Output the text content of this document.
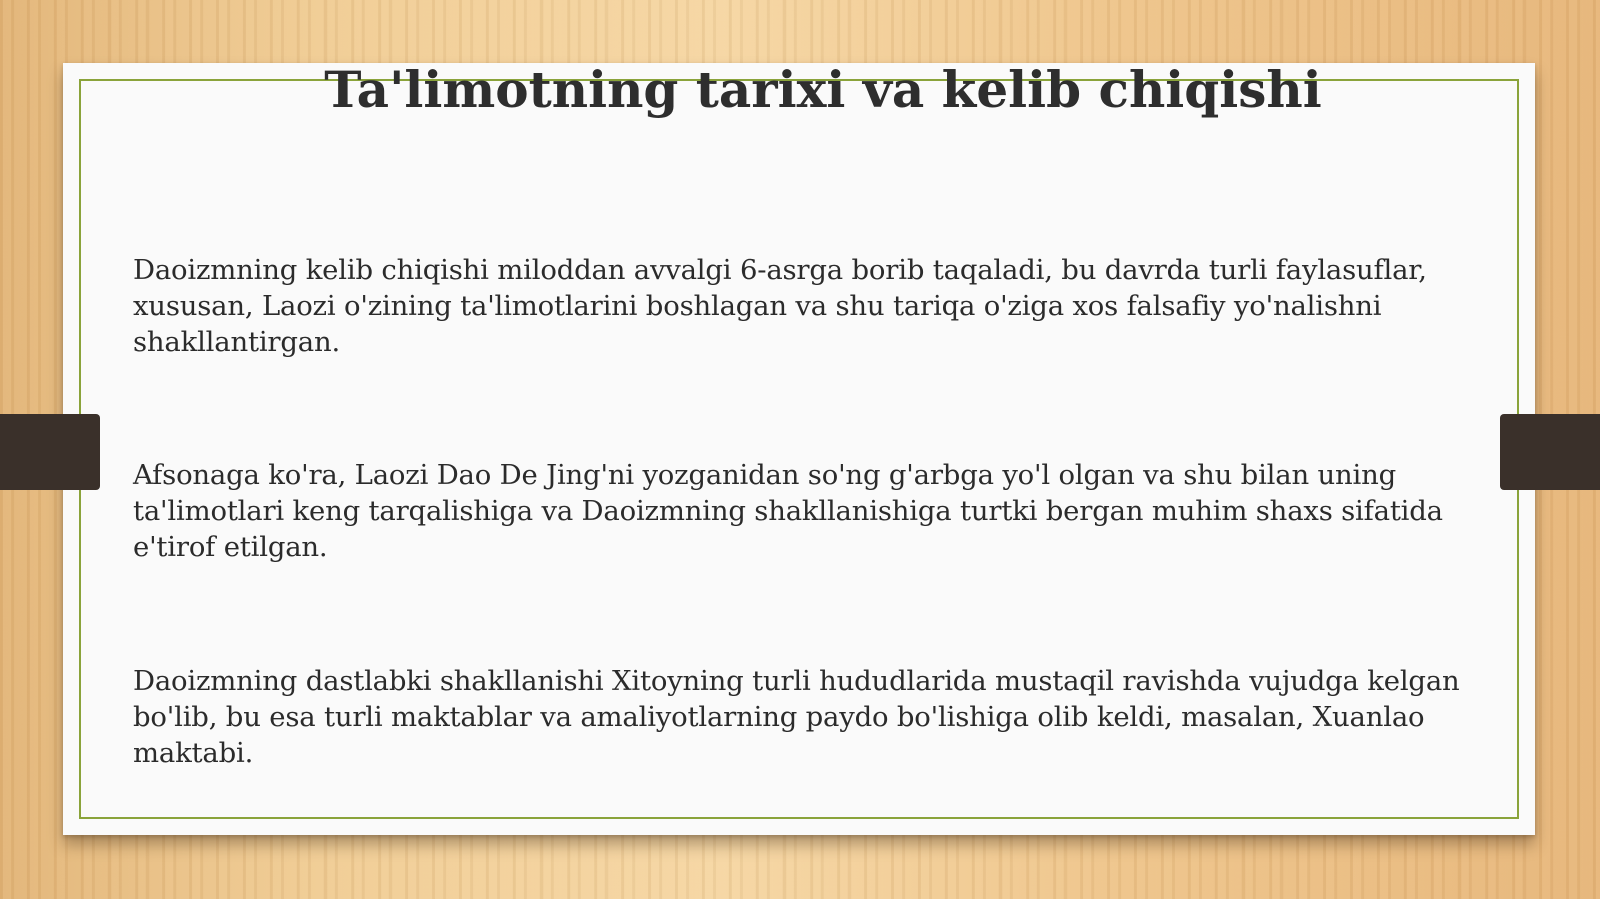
Ta'limotning tarixi va kelib chiqishi

Daoizmning kelib chiqishi miloddan avvalgi 6-asrga borib taqaladi, bu davrda turli faylasuflar, xususan, Laozi o'zining ta'limotlarini boshlagan va shu tariqa o'ziga xos falsafiy yo'nalishni shakllantirgan.

Afsonaga ko'ra, Laozi Dao De Jing'ni yozganidan so'ng g'arbga yo'l olgan va shu bilan uning ta'limotlari keng tarqalishiga va Daoizmning shakllanishiga turtki bergan muhim shaxs sifatida e'tirof etilgan.

Daoizmning dastlabki shakllanishi Xitoyning turli hududlarida mustaqil ravishda vujudga kelgan bo'lib, bu esa turli maktablar va amaliyotlarning paydo bo'lishiga olib keldi, masalan, Xuanlao maktabi.
